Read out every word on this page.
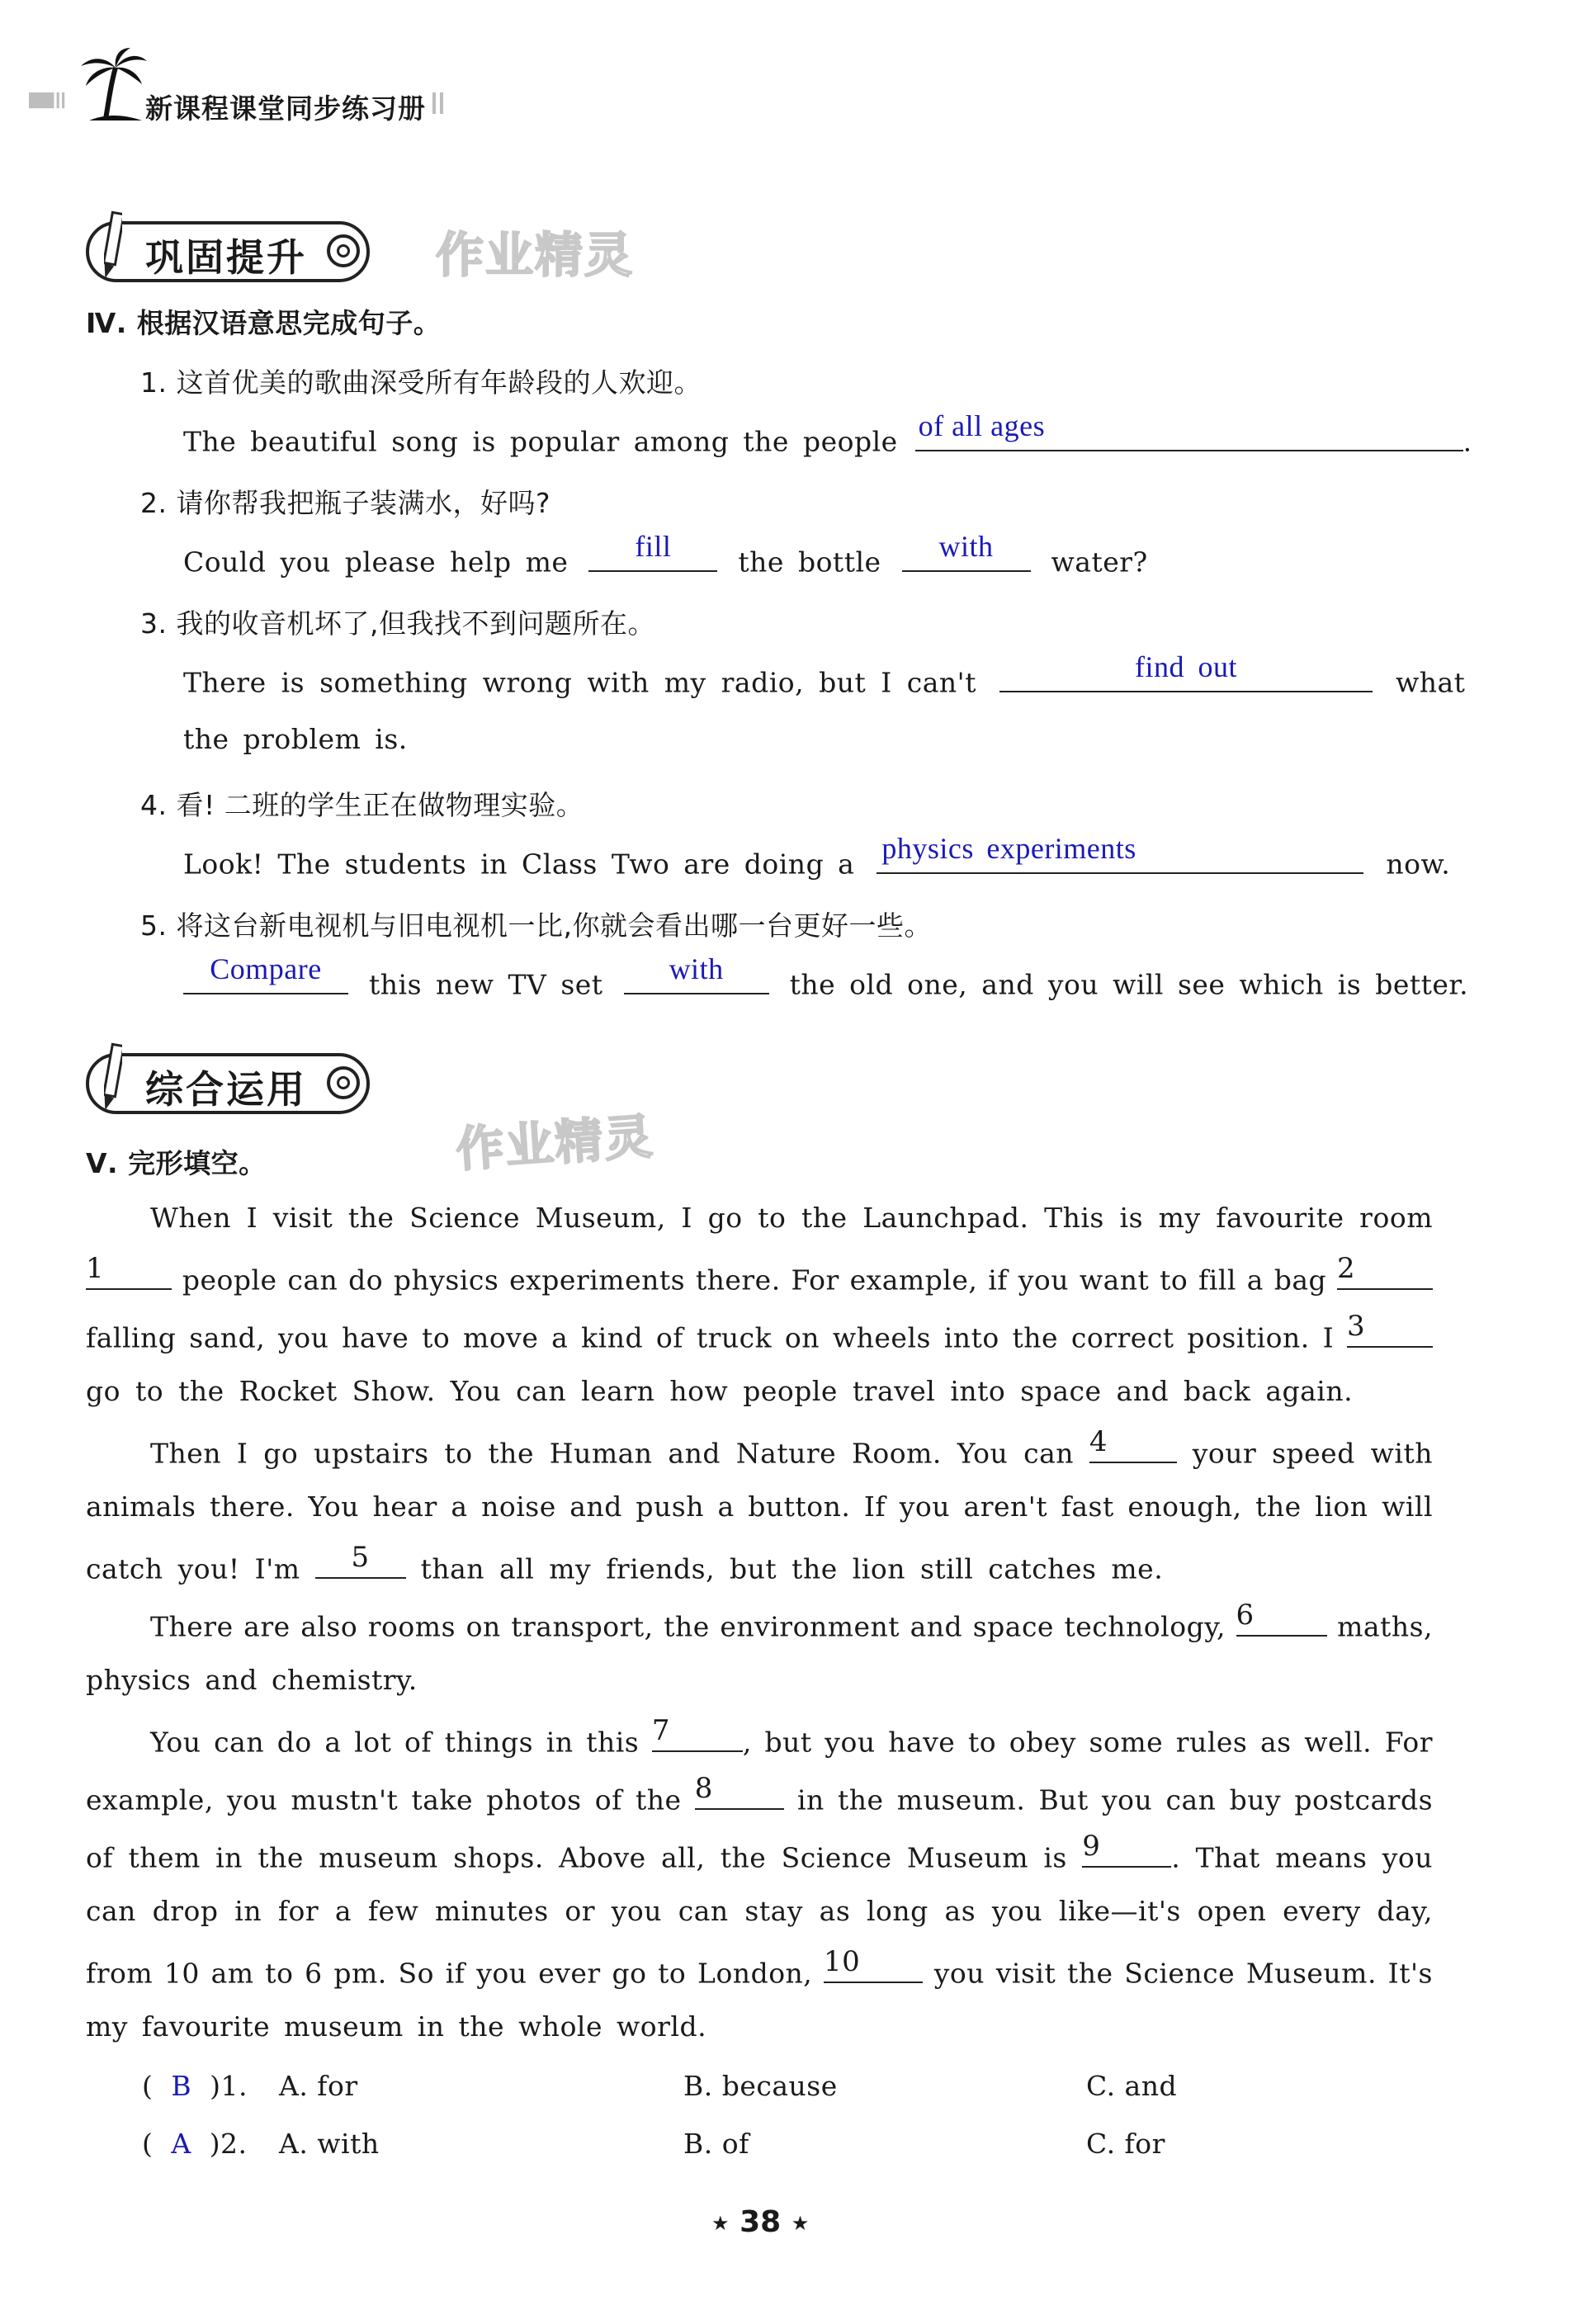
新课程课堂同步练习册
巩固提升	作业精灵
Ⅳ. 根据汉语意思完成句子。
1. 这首优美的歌曲深受所有年龄段的人欢迎。
The beautiful song is popular among the people of all ages	.
2. 请你帮我把瓶子装满水，好吗?
Could you please help me	fill	the bottle	with	water?
3. 我的收音机坏了,但我找不到问题所在。
There is something wrong with my radio, but I can't	find out	what
the problem is.
4. 看! 二班的学生正在做物理实验。
Look! The students in Class Two are doing a physics experiments	now.
5. 将这台新电视机与旧电视机一比,你就会看出哪一台更好一些。
Compare	this new TV set	with	the old one, and you will see which is better.
综合运用
作业精灵
Ⅴ. 完形填空。
When I visit the Science Museum, I go to the Launchpad. This is my favourite room
1	people can do physics experiments there. For example, if you want to fill a bag 2
falling sand, you have to move a kind of truck on wheels into the correct position. I 3
go to the Rocket Show. You can learn how people travel into space and back again.
Then I go upstairs to the Human and Nature Room. You can 4	your speed with
animals there. You hear a noise and push a button. If you aren't fast enough, the lion will
catch you! I'm	5	than all my friends, but the lion still catches me.
There are also rooms on transport, the environment and space technology, 6	maths,
physics and chemistry.
You can do a lot of things in this 7	, but you have to obey some rules as well. For
example, you mustn't take photos of the 8	in the museum. But you can buy postcards
of them in the museum shops. Above all, the Science Museum is 9	. That means you
can drop in for a few minutes or you can stay as long as you like—it's open every day,
from 10 am to 6 pm. So if you ever go to London, 10	you visit the Science Museum. It's
my favourite museum in the whole world.
(  B )1. A. for	B. because	C. and
(  A )2. A. with	B. of	C. for
★ 38 ★
